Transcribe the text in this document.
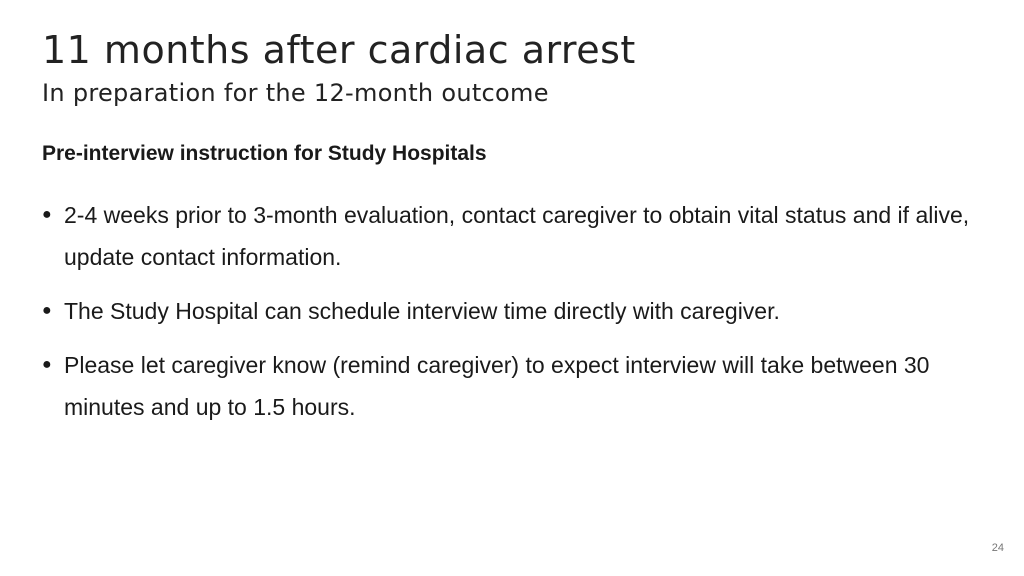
11 months after cardiac arrest
In preparation for the 12-month outcome
Pre-interview instruction for Study Hospitals
● 2-4 weeks prior to 3-month evaluation, contact caregiver to obtain vital status and if alive, update contact information.
● The Study Hospital can schedule interview time directly with caregiver.
● Please let caregiver know (remind caregiver) to expect interview will take between 30 minutes and up to 1.5 hours.
24
